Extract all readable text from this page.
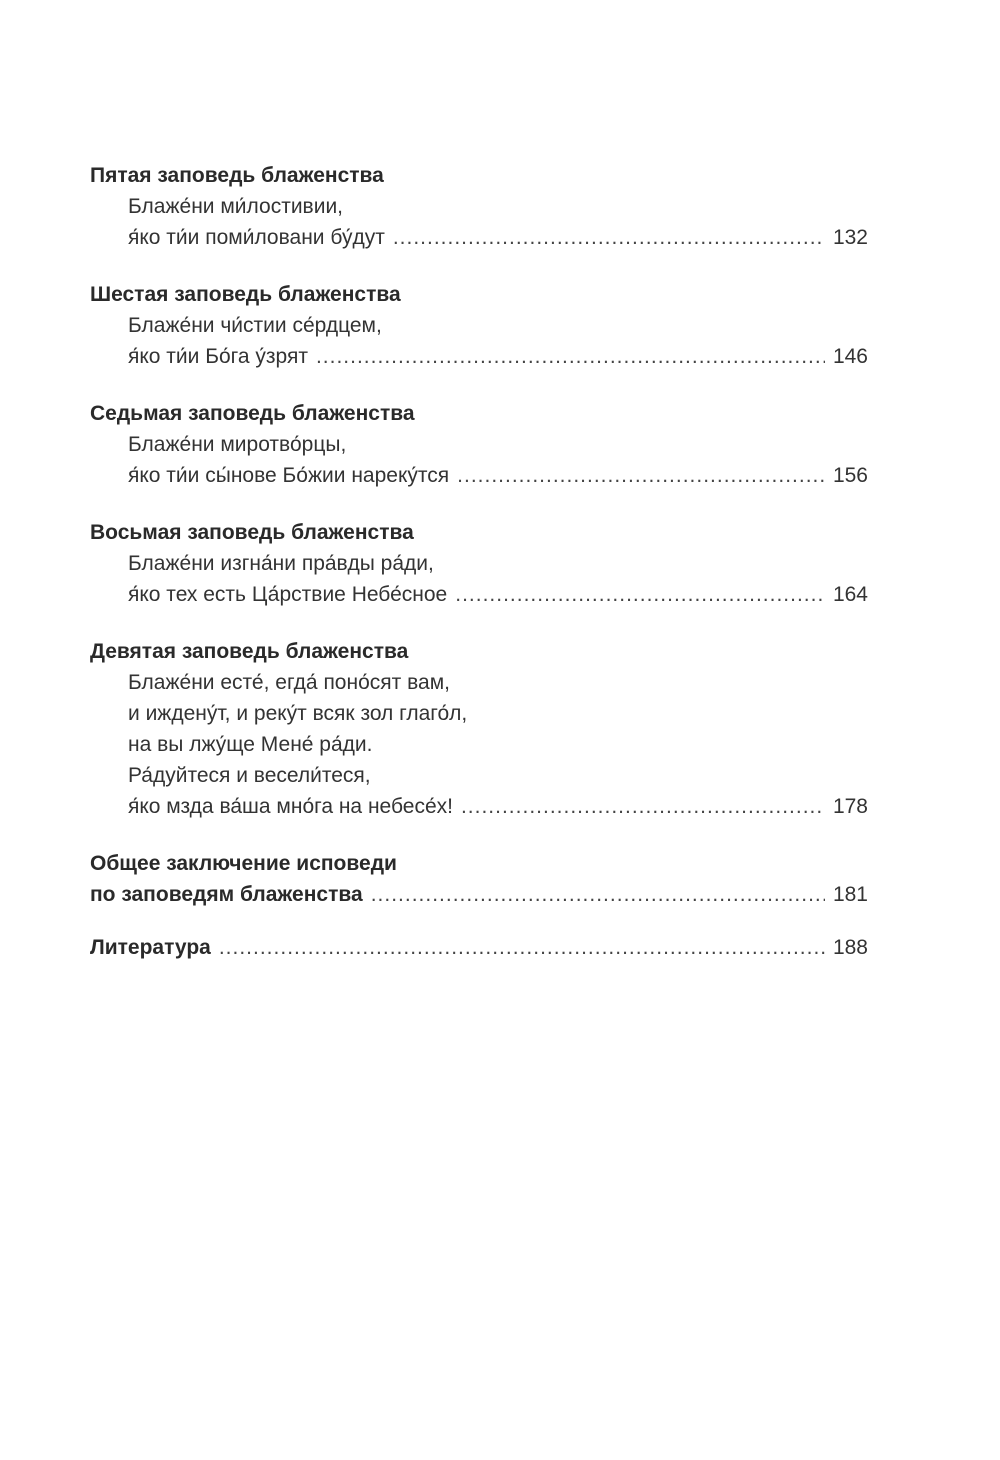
Пятая заповедь блаженства
Блаже́ни ми́лостивии,
я́ко ти́и поми́ловани бу́дут .....	132
Шестая заповедь блаженства
Блаже́ни чи́стии се́рдцем,
я́ко ти́и Бо́га у́зрят .....	146
Седьмая заповедь блаженства
Блаже́ни миротво́рцы,
я́ко ти́и сы́нове Бо́жии нареку́тся .....	156
Восьмая заповедь блаженства
Блаже́ни изгна́ни пра́вды ра́ди,
я́ко тех есть Ца́рствие Небе́сное .....	164
Девятая заповедь блаженства
Блаже́ни есте́, егда́ поно́сят вам,
и иждену́т, и реку́т всяк зол глаго́л,
на вы лжу́ще Мене́ ра́ди.
Ра́дуйтеся и весели́теся,
я́ко мзда ва́ша мно́га на небесе́х! .....	178
Общее заключение исповеди
по заповедям блаженства .....	181
Литература .....	188
